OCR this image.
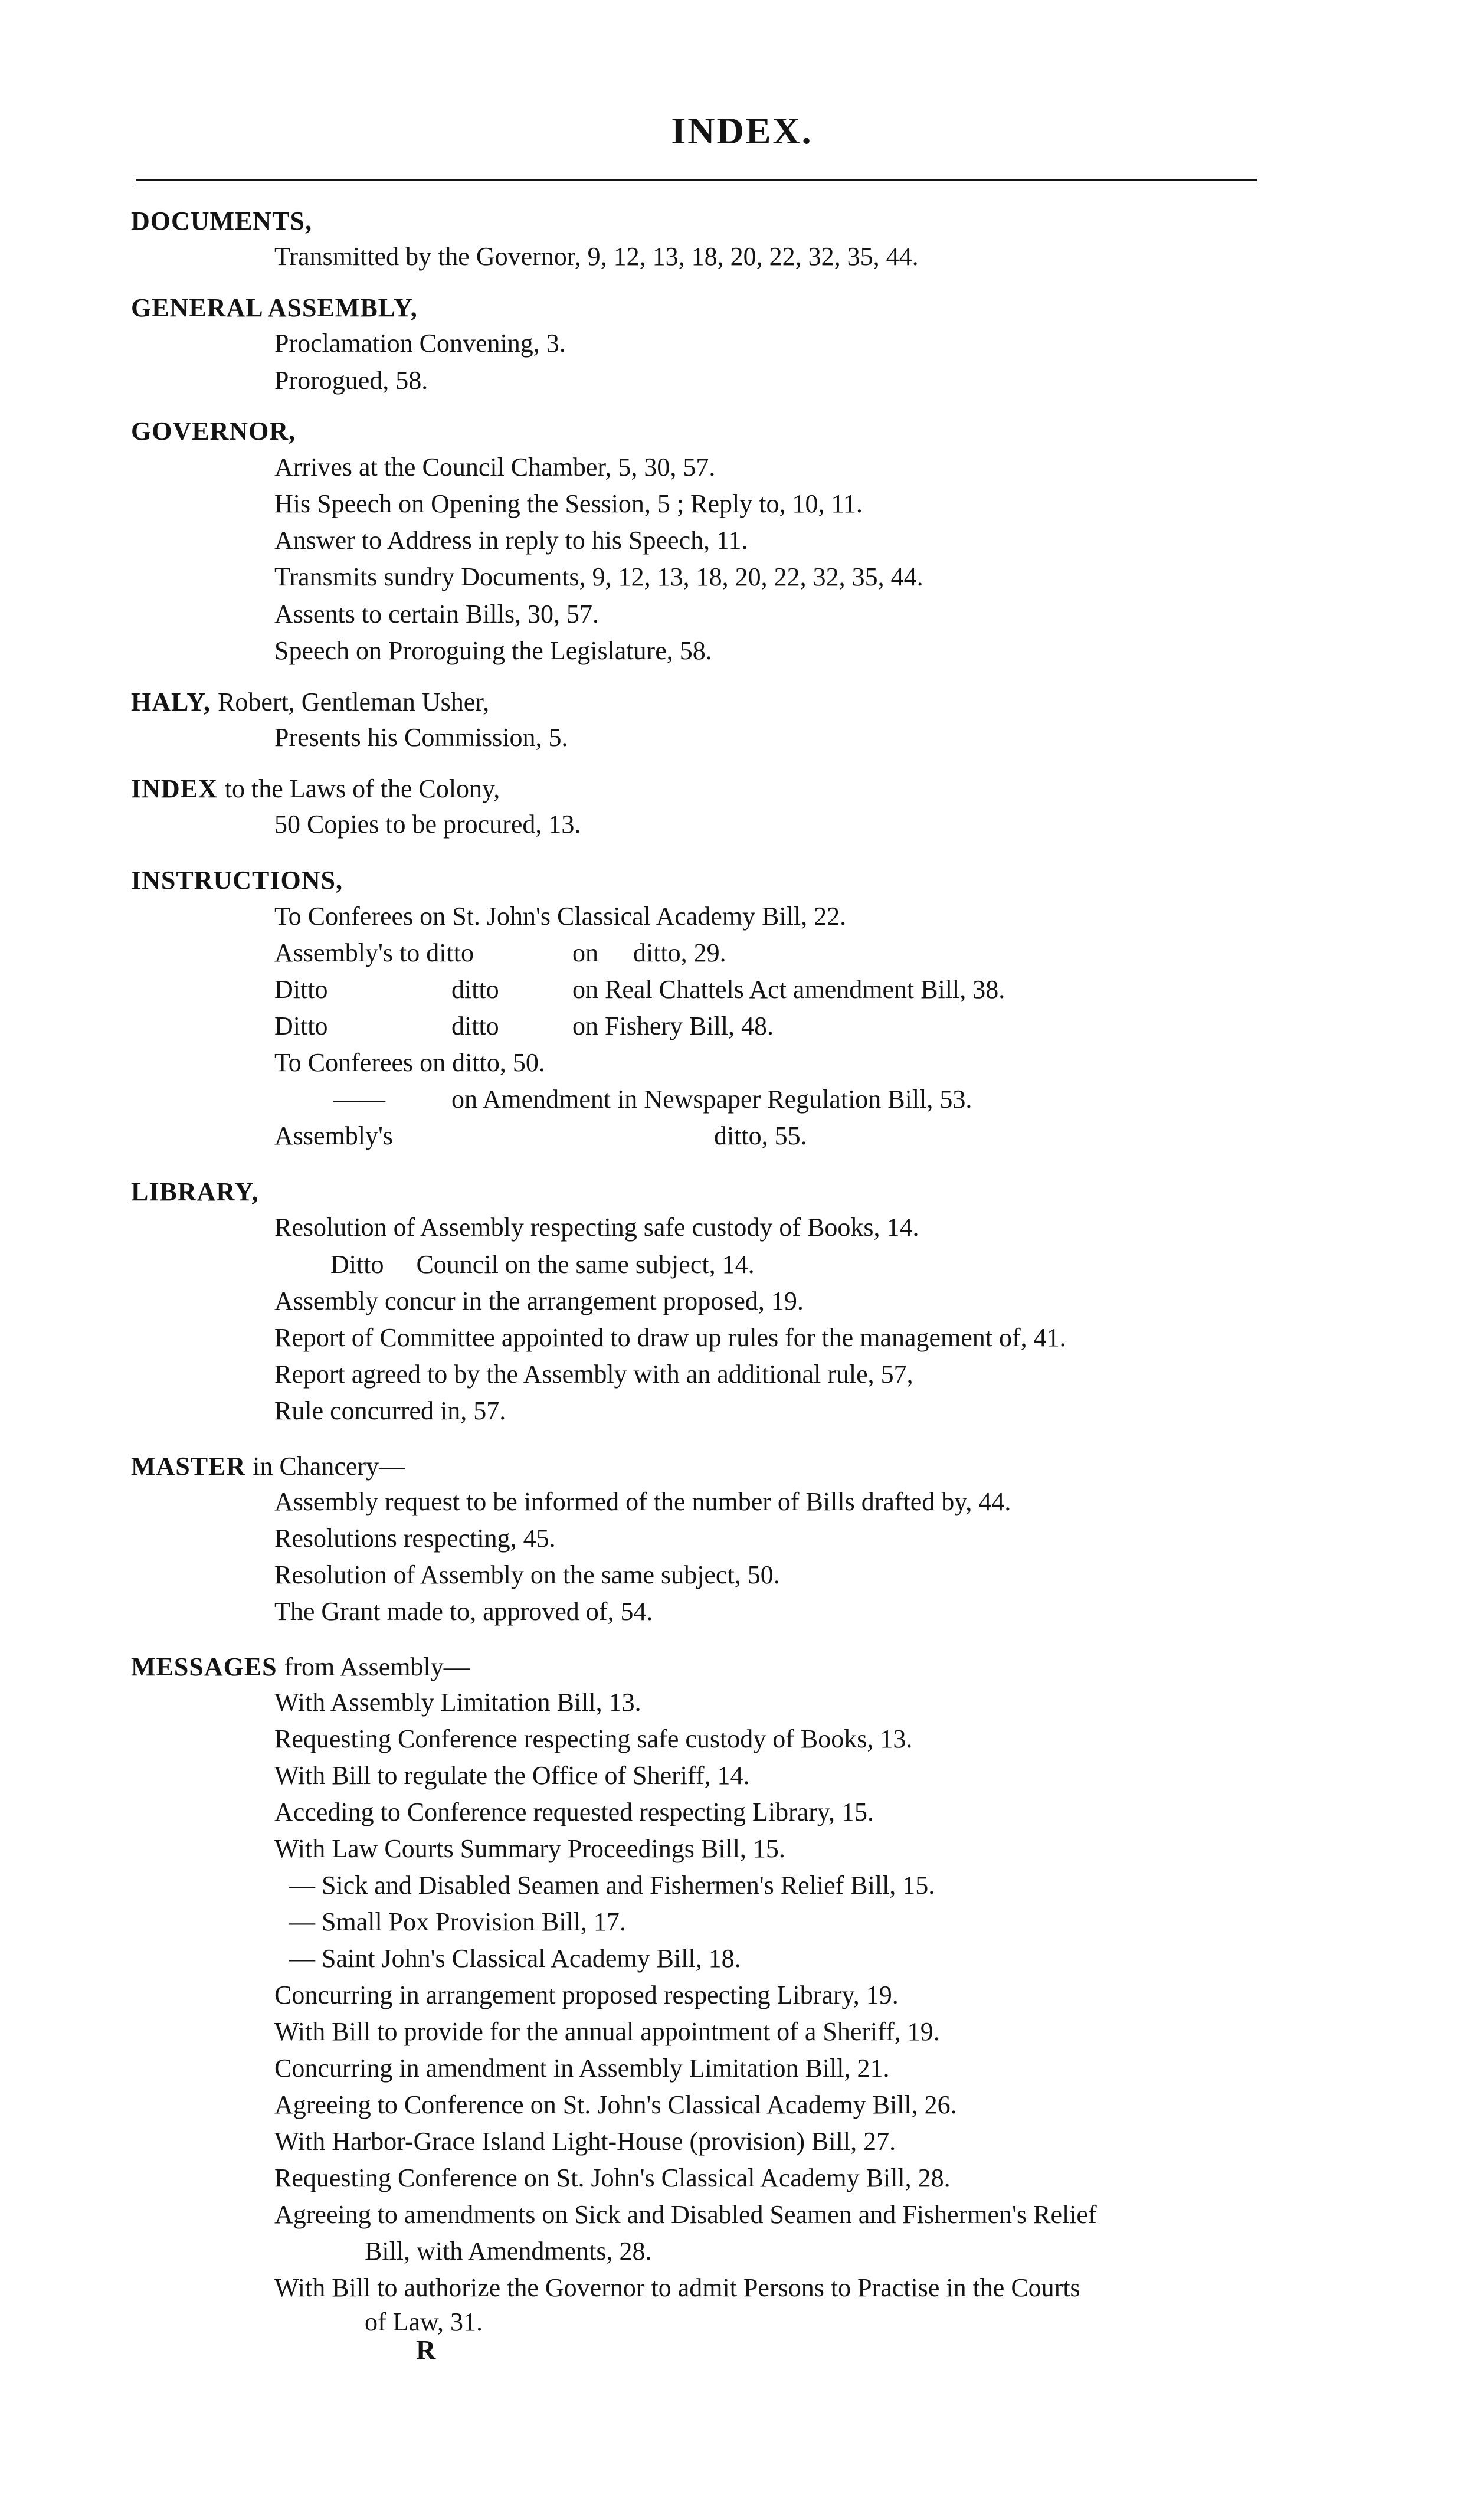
INDEX.
DOCUMENTS,
Transmitted by the Governor, 9, 12, 13, 18, 20, 22, 32, 35, 44.
GENERAL ASSEMBLY,
Proclamation Convening, 3.
Prorogued, 58.
GOVERNOR,
Arrives at the Council Chamber, 5, 30, 57.
His Speech on Opening the Session, 5 ; Reply to, 10, 11.
Answer to Address in reply to his Speech, 11.
Transmits sundry Documents, 9, 12, 13, 18, 20, 22, 32, 35, 44.
Assents to certain Bills, 30, 57.
Speech on Proroguing the Legislature, 58.
HALY, Robert, Gentleman Usher,
Presents his Commission, 5.
INDEX to the Laws of the Colony,
50 Copies to be procured, 13.
INSTRUCTIONS,
To Conferees on St. John's Classical Academy Bill, 22.
Assembly's to ditto	on ditto, 29.
Ditto	ditto	on Real Chattels Act amendment Bill, 38.
Ditto	ditto	on Fishery Bill, 48.
To Conferees on ditto, 50.
——	on Amendment in Newspaper Regulation Bill, 53.
Assembly's	ditto, 55.
LIBRARY,
Resolution of Assembly respecting safe custody of Books, 14.
Ditto     Council on the same subject, 14.
Assembly concur in the arrangement proposed, 19.
Report of Committee appointed to draw up rules for the management of, 41.
Report agreed to by the Assembly with an additional rule, 57,
Rule concurred in, 57.
MASTER in Chancery—
Assembly request to be informed of the number of Bills drafted by, 44.
Resolutions respecting, 45.
Resolution of Assembly on the same subject, 50.
The Grant made to, approved of, 54.
MESSAGES from Assembly—
With Assembly Limitation Bill, 13.
Requesting Conference respecting safe custody of Books, 13.
With Bill to regulate the Office of Sheriff, 14.
Acceding to Conference requested respecting Library, 15.
With Law Courts Summary Proceedings Bill, 15.
— Sick and Disabled Seamen and Fishermen's Relief Bill, 15.
— Small Pox Provision Bill, 17.
— Saint John's Classical Academy Bill, 18.
Concurring in arrangement proposed respecting Library, 19.
With Bill to provide for the annual appointment of a Sheriff, 19.
Concurring in amendment in Assembly Limitation Bill, 21.
Agreeing to Conference on St. John's Classical Academy Bill, 26.
With Harbor-Grace Island Light-House (provision) Bill, 27.
Requesting Conference on St. John's Classical Academy Bill, 28.
Agreeing to amendments on Sick and Disabled Seamen and Fishermen's Relief
Bill, with Amendments, 28.
With Bill to authorize the Governor to admit Persons to Practise in the Courts
of Law, 31.
R
